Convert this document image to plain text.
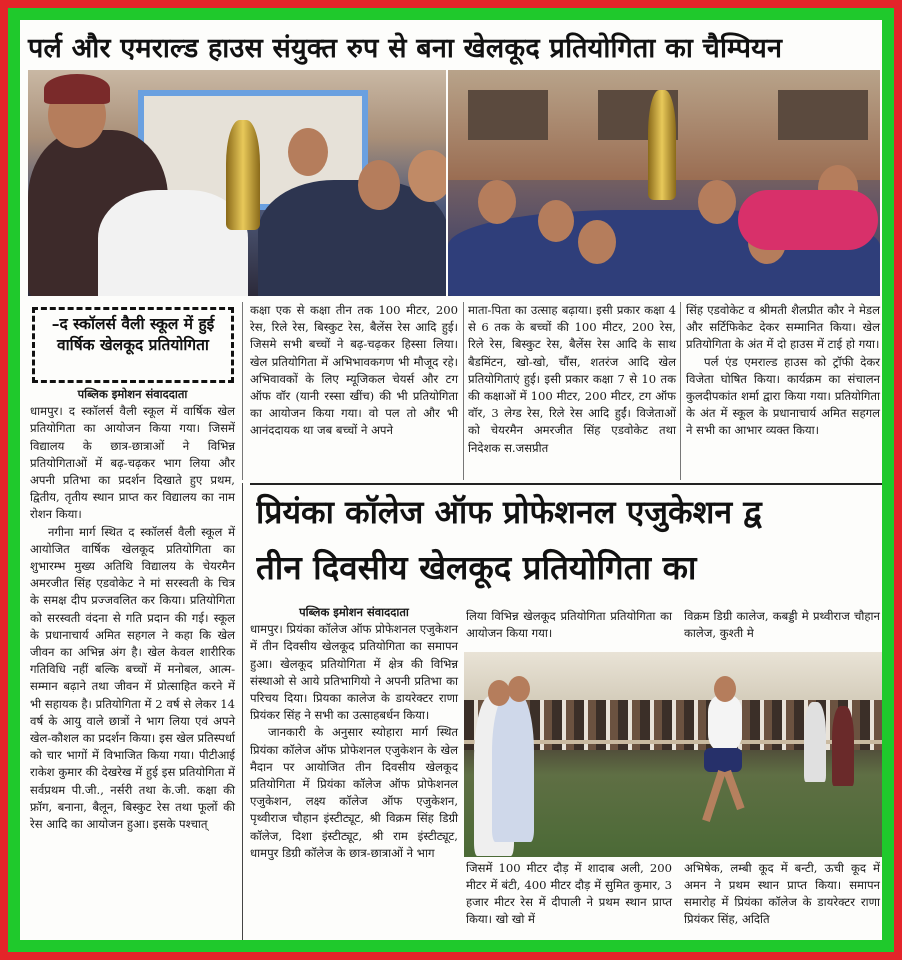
पर्ल और एमराल्ड हाउस संयुक्त रुप से बना खेलकूद प्रतियोगिता का चैम्पियन
–द स्कॉलर्स वैली स्कूल में हुई वार्षिक खेलकूद प्रतियोगिता
पब्लिक इमोशन संवाददाता

धामपुर। द स्कॉलर्स वैली स्कूल में वार्षिक खेल प्रतियोगिता का आयोजन किया गया। जिसमें विद्यालय के छात्र-छात्राओं ने विभिन्न प्रतियोगिताओं में बढ़-चढ़कर भाग लिया और अपनी प्रतिभा का प्रदर्शन दिखाते हुए प्रथम, द्वितीय, तृतीय स्थान प्राप्त कर विद्यालय का नाम रोशन किया।

नगीना मार्ग स्थित द स्कॉलर्स वैली स्कूल में आयोजित वार्षिक खेलकूद प्रतियोगिता का शुभारम्भ मुख्य अतिथि विद्यालय के चेयरमैन अमरजीत सिंह एडवोकेट ने मां सरस्वती के चित्र के समक्ष दीप प्रज्जवलित कर किया। प्रतियोगिता को सरस्वती वंदना से गति प्रदान की गई। स्कूल के प्रधानाचार्य अमित सहगल ने कहा कि खेल जीवन का अभिन्न अंग है। खेल केवल शारीरिक गतिविधि नहीं बल्कि बच्चों में मनोबल, आत्म-सम्मान बढ़ाने तथा जीवन में प्रोत्साहित करने में भी सहायक है। प्रतियोगिता में 2 वर्ष से लेकर 14 वर्ष के आयु वाले छात्रों ने भाग लिया एवं अपने खेल-कौशल का प्रदर्शन किया। इस खेल प्रतिस्पर्धा को चार भागों में विभाजित किया गया। पीटीआई राकेश कुमार की देखरेख में हुई इस प्रतियोगिता में सर्वप्रथम पी.जी., नर्सरी तथा के.जी. कक्षा की फ्रॉग, बनाना, बैलून, बिस्कुट रेस तथा फूलों की रेस आदि का आयोजन हुआ। इसके पश्चात्

कक्षा एक से कक्षा तीन तक 100 मीटर, 200 रेस, रिले रेस, बिस्कुट रेस, बैलेंस रेस आदि हुई। जिसमे सभी बच्चों ने बढ़-चढ़कर हिस्सा लिया। खेल प्रतियोगिता में अभिभावकगण भी मौजूद रहे। अभिवावकों के लिए म्यूजिकल चेयर्स और टग ऑफ वॉर (यानी रस्सा खींच) की भी प्रतियोगिता का आयोजन किया गया। वो पल तो और भी आनंददायक था जब बच्चों ने अपने
माता-पिता का उत्साह बढ़ाया। इसी प्रकार कक्षा 4 से 6 तक के बच्चों की 100 मीटर, 200 रेस, रिले रेस, बिस्कुट रेस, बैलेंस रेस आदि के साथ बैडमिंटन, खो-खो, चौंस, शतरंज आदि खेल प्रतियोगिताएं हुई। इसी प्रकार कक्षा 7 से 10 तक की कक्षाओं में 100 मीटर, 200 मीटर, टग ऑफ वॉर, 3 लेग्ड रेस, रिले रेस आदि हुईं। विजेताओं को चेयरमैन अमरजीत सिंह एडवोकेट तथा निदेशक स.जसप्रीत

सिंह एडवोकेट व श्रीमती शैलप्रीत कौर ने मेडल और सर्टिफिकेट देकर सम्मानित किया। खेल प्रतियोगिता के अंत में दो हाउस में टाई हो गया।

पर्ल एंड एमराल्ड हाउस को ट्रॉफी देकर विजेता घोषित किया। कार्यक्रम का संचालन कुलदीपकांत शर्मा द्वारा किया गया। प्रतियोगिता के अंत में स्कूल के प्रधानाचार्य अमित सहगल ने सभी का आभार व्यक्त किया।

प्रियंका कॉलेज ऑफ प्रोफेशनल एजुकेशन द्व
तीन दिवसीय खेलकूद प्रतियोगिता का
पब्लिक इमोशन संवाददाता

धामपुर। प्रियंका कॉलेज ऑफ प्रोफेशनल एजुकेशन में तीन दिवसीय खेलकूद प्रतियोगिता का समापन हुआ। खेलकूद प्रतियोगिता में क्षेत्र की विभिन्न संस्थाओ से आये प्रतिभागियो ने अपनी प्रतिभा का परिचय दिया। प्रियका कालेज के डायरेक्टर राणा प्रियंकर सिंह ने सभी का उत्साहबर्धन किया।

जानकारी के अनुसार स्योहारा मार्ग स्थित प्रियंका कॉलेज ऑफ प्रोफेशनल एजुकेशन के खेल मैदान पर आयोजित तीन दिवसीय खेलकूद प्रतियोगिता में प्रियंका कॉलेज ऑफ प्रोफेशनल एजुकेशन, लक्ष्य कॉलेज ऑफ एजुकेशन, पृथ्वीराज चौहान इंस्टीट्यूट, श्री विक्रम सिंह डिग्री कॉलेज, दिशा इंस्टीट्यूट, श्री राम इंस्टीट्यूट, धामपुर डिग्री कॉलेज के छात्र-छात्राओं ने भाग

लिया विभिन्न खेलकूद प्रतियोगिता प्रतियोगिता का आयोजन किया गया।
विक्रम डिग्री कालेज, कबड्डी मे प्रथ्वीराज चौहान कालेज, कुश्ती मे
जिसमें 100 मीटर दौड़ में शादाब अली, 200 मीटर में बंटी, 400 मीटर दौड़ में सुमित कुमार, 3 हजार मीटर रेस में दीपाली ने प्रथम स्थान प्राप्त किया। खो खो में
अभिषेक, लम्बी कूद में बन्टी, ऊची कूद में अमन ने प्रथम स्थान प्राप्त किया। समापन समारोह में प्रियंका कॉलेज के डायरेक्टर राणा प्रियंकर सिंह, अदिति
